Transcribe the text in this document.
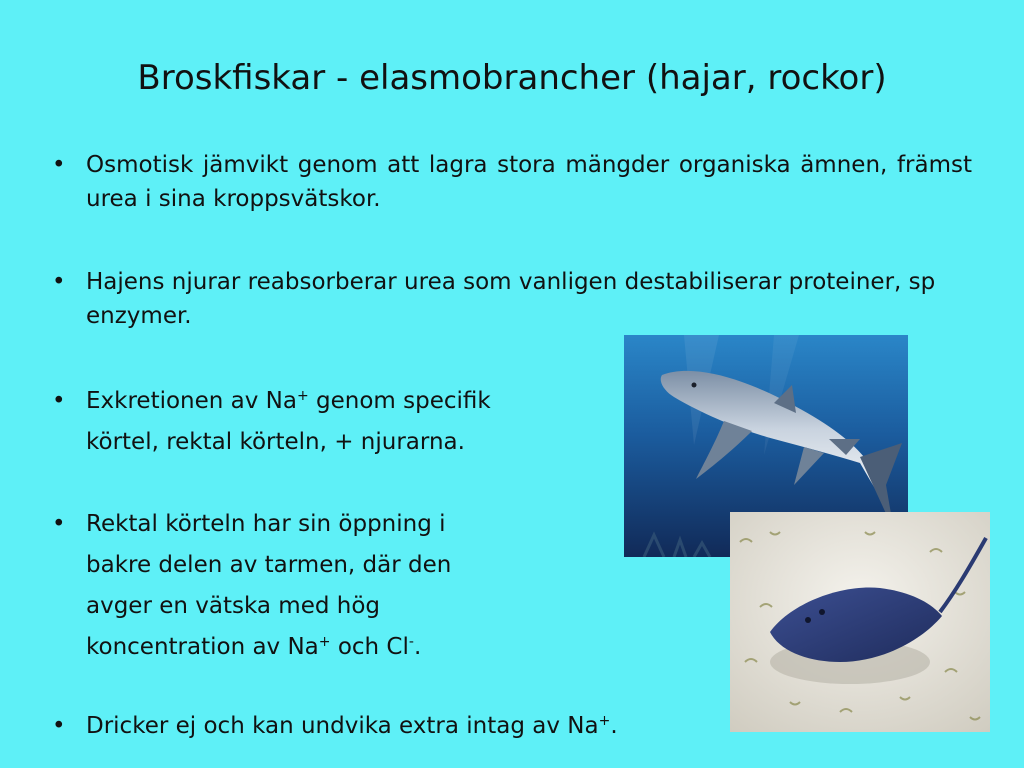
Broskfiskar - elasmobrancher (hajar, rockor)
• Osmotisk jämvikt genom att lagra stora mängder organiska ämnen, främst urea i sina kroppsvätskor.
• Hajens njurar reabsorberar urea som vanligen destabiliserar proteiner, sp enzymer.
• Exkretionen av Na+ genom specifik
körtel, rektal körteln, + njurarna.
• Rektal körteln har sin öppning i
bakre delen av tarmen, där den
avger en vätska med hög
koncentration av Na+ och Cl-.
• Dricker ej och kan undvika extra intag av Na+.
